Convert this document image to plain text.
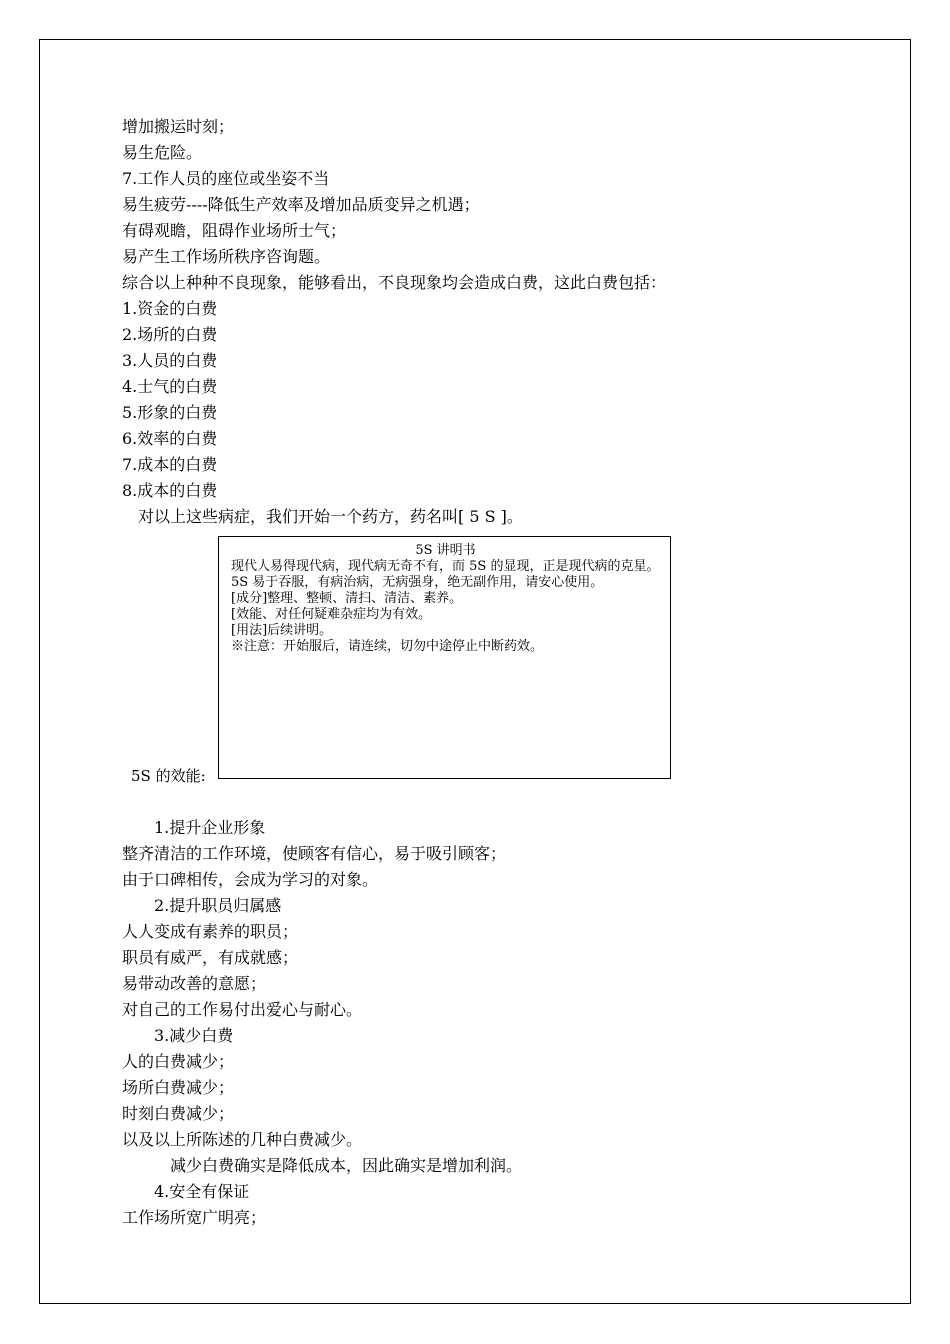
增加搬运时刻；
易生危险。
7.工作人员的座位或坐姿不当
易生疲劳----降低生产效率及增加品质变异之机遇；
有碍观瞻，阻碍作业场所士气；
易产生工作场所秩序咨询题。
综合以上种种不良现象，能够看出，不良现象均会造成白费，这此白费包括：
1.资金的白费
2.场所的白费
3.人员的白费
4.士气的白费
5.形象的白费
6.效率的白费
7.成本的白费
8.成本的白费
　对以上这些病症，我们开始一个药方，药名叫[ 5 S ]。
5S 讲明书

现代人易得现代病，现代病无奇不有，而 5S 的显现，正是现代病的克星。

5S 易于吞服，有病治病，无病强身，绝无副作用，请安心使用。

[成分]整理、整顿、清扫、清洁、素养。

[效能、对任何疑难杂症均为有效。

[用法]后续讲明。

※注意：开始服后，请连续，切勿中途停止中断药效。

5S 的效能:
　　1.提升企业形象
整齐清洁的工作环境，使顾客有信心，易于吸引顾客；
由于口碑相传，会成为学习的对象。
　　2.提升职员归属感
人人变成有素养的职员；
职员有威严，有成就感；
易带动改善的意愿；
对自己的工作易付出爱心与耐心。
　　3.减少白费
人的白费减少；
场所白费减少；
时刻白费减少；
以及以上所陈述的几种白费减少。
　　　减少白费确实是降低成本，因此确实是增加利润。
　　4.安全有保证
工作场所宽广明亮；
